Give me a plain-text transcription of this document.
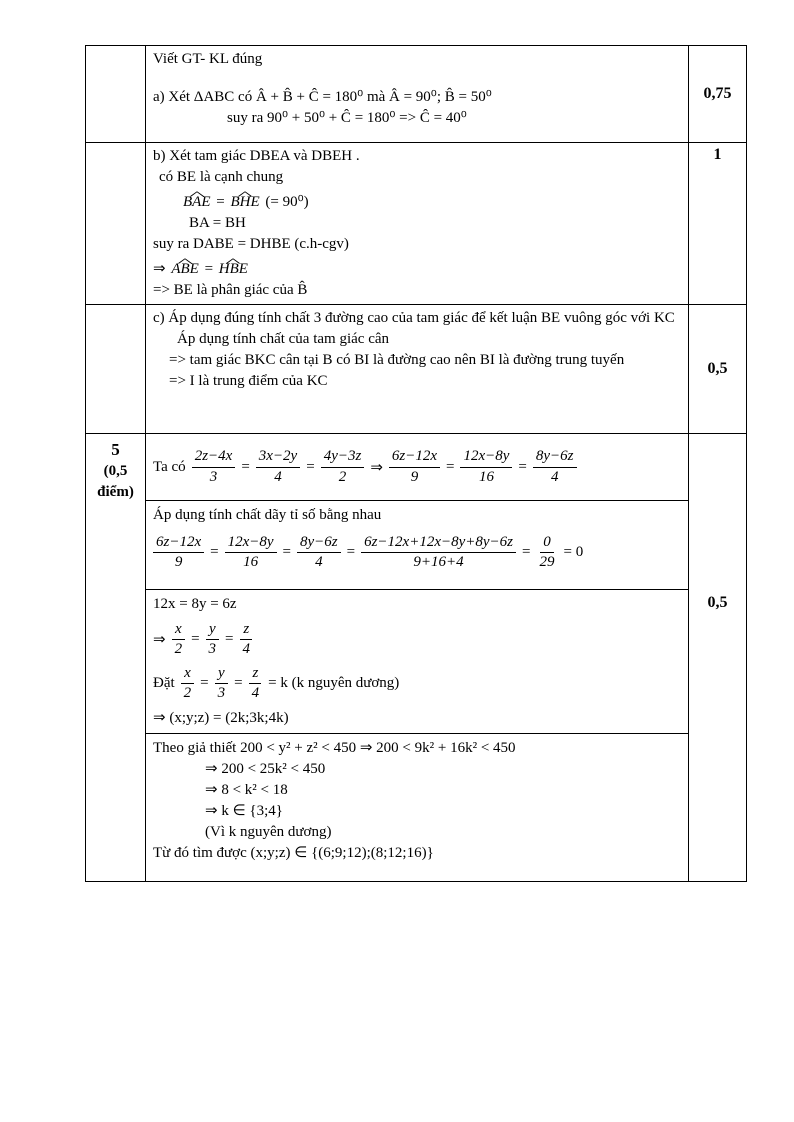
Viết GT- KL đúng
a) Xét ΔABC có Â + B̂ + Ĉ = 180⁰ mà Â = 90⁰; B̂ = 50⁰
suy ra 90⁰ + 50⁰ + Ĉ = 180⁰ => Ĉ = 40⁰
0,75
b) Xét tam giác DBEA và DBEH .
có BE là cạnh chung
^ BAE = ^ BHE (= 90⁰)
BA = BH
suy ra DABE = DHBE (c.h-cgv)
⇒ ^ ABE = ^ HBE
=> BE là phân giác của B̂
1
c) Áp dụng đúng tính chất 3 đường cao của tam giác để kết luận BE vuông góc với KC
Áp dụng tính chất của tam giác cân
=> tam giác BKC cân tại B có BI là đường cao nên BI là đường trung tuyến
=> I là trung điểm của KC
0,5
5
(0,5 điểm)
Ta có $\frac{2z-4x}{3} = \frac{3x-2y}{4} = \frac{4y-3z}{2}$ ⇒ $\frac{6z-12x}{9} = \frac{12x-8y}{16} = \frac{8y-6z}{4}$
Áp dụng tính chất dãy tỉ số bằng nhau
$\frac{6z-12x}{9} = \frac{12x-8y}{16} = \frac{8y-6z}{4} = \frac{6z-12x+12x-8y+8y-6z}{9+16+4} = \frac{0}{29} = 0$
12x = 8y = 6z
⇒ $\frac{x}{2} = \frac{y}{3} = \frac{z}{4}$
Đặt $\frac{x}{2} = \frac{y}{3} = \frac{z}{4} = k$ (k nguyên dương)
⇒ (x;y;z) = (2k;3k;4k)
Theo giả thiết 200 < y² + z² < 450 ⇒ 200 < 9k² + 16k² < 450
⇒ 200 < 25k² < 450
⇒ 8 < k² < 18
⇒ k ∈ {3;4}
(Vì k nguyên dương)
Từ đó tìm được (x;y;z) ∈ {(6;9;12);(8;12;16)}
0,5
